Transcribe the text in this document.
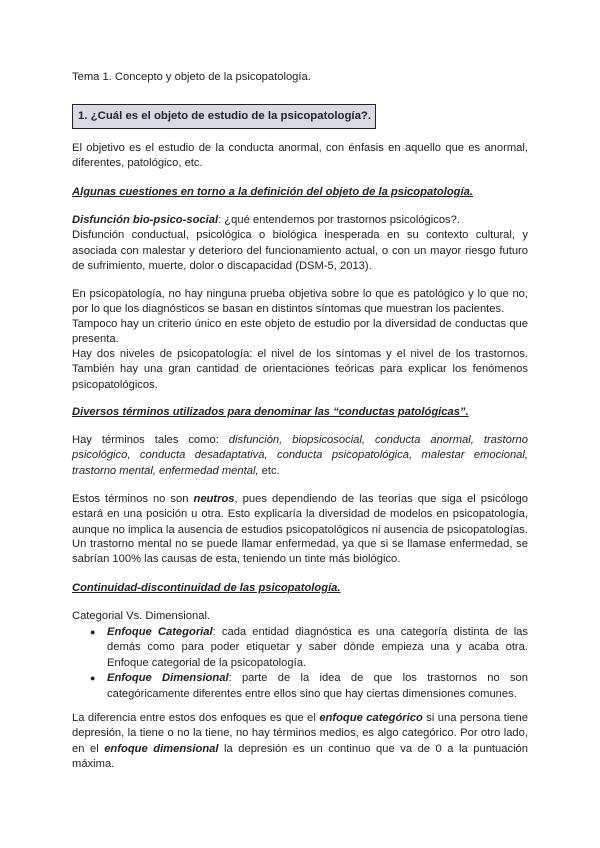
Tema 1. Concepto y objeto de la psicopatología.
1. ¿Cuál es el objeto de estudio de la psicopatología?.
El objetivo es el estudio de la conducta anormal, con énfasis en aquello que es anormal, diferentes, patológico, etc.
Algunas cuestiones en torno a la definición del objeto de la psicopatología.
Disfunción bio-psico-social: ¿qué entendemos por trastornos psicológicos?.
Disfunción conductual, psicológica o biológica inesperada en su contexto cultural, y asociada con malestar y deterioro del funcionamiento actual, o con un mayor riesgo futuro de sufrimiento, muerte, dolor o discapacidad (DSM-5, 2013).
En psicopatología, no hay ninguna prueba objetiva sobre lo que es patológico y lo que no, por lo que los diagnósticos se basan en distintos síntomas que muestran los pacientes.
Tampoco hay un criterio único en este objeto de estudio por la diversidad de conductas que presenta.
Hay dos niveles de psicopatología: el nivel de los síntomas y el nivel de los trastornos. También hay una gran cantidad de orientaciones teóricas para explicar los fenómenos psicopatológicos.
Diversos términos utilizados para denominar las “conductas patológicas”.
Hay términos tales como: disfunción, biopsicosocial, conducta anormal, trastorno psicológico, conducta desadaptativa, conducta psicopatológica, malestar emocional, trastorno mental, enfermedad mental, etc.
Estos términos no son neutros, pues dependiendo de las teorías que siga el psicólogo estará en una posición u otra. Esto explicaría la diversidad de modelos en psicopatología, aunque no implica la ausencia de estudios psicopatológicos ni ausencia de psicopatologías.
Un trastorno mental no se puede llamar enfermedad, ya que si se llamase enfermedad, se sabrían 100% las causas de esta, teniendo un tinte más biológico.
Continuidad-discontinuidad de las psicopatología.
Categorial Vs. Dimensional.
● Enfoque Categorial: cada entidad diagnóstica es una categoría distinta de las demás como para poder etiquetar y saber dónde empieza una y acaba otra. Enfoque categorial de la psicopatología.
● Enfoque Dimensional: parte de la idea de que los trastornos no son categóricamente diferentes entre ellos sino que hay ciertas dimensiones comunes.
La diferencia entre estos dos enfoques es que el enfoque categórico si una persona tiene depresión, la tiene o no la tiene, no hay términos medios, es algo categórico. Por otro lado, en el enfoque dimensional la depresión es un continuo que va de 0 a la puntuación máxima.
